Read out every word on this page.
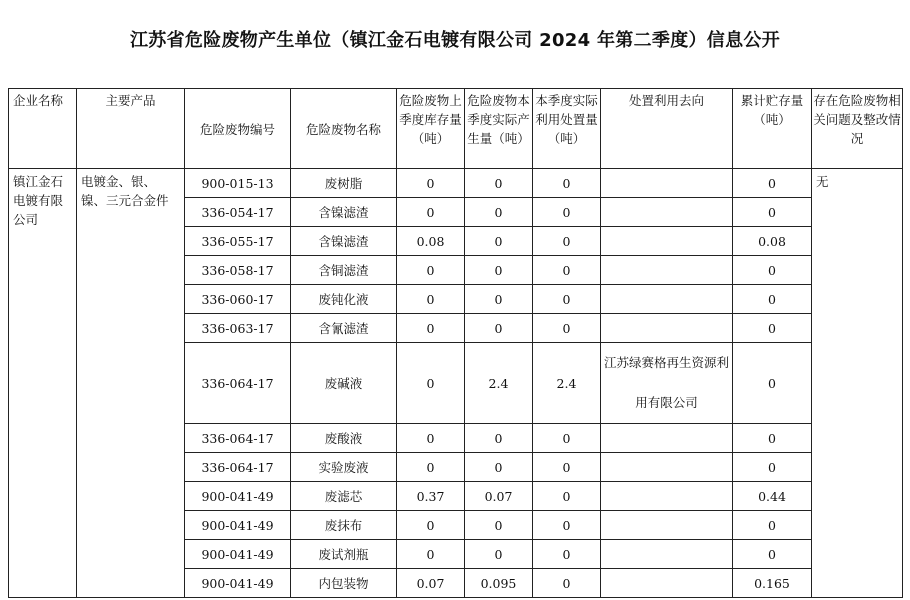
江苏省危险废物产生单位（镇江金石电镀有限公司 2024 年第二季度）信息公开
企业名称	主要产品	危险废物编号	危险废物名称	危险废物上季度库存量（吨）	危险废物本季度实际产生量（吨）	本季度实际利用处置量（吨）	处置利用去向	累计贮存量（吨）	存在危险废物相关问题及整改情况
镇江金石电镀有限公司	电镀金、银、镍、三元合金件	900-015-13	废树脂	0	0	0		0	无
		336-054-17	含镍滤渣	0	0	0		0	
		336-055-17	含镍滤渣	0.08	0	0		0.08	
		336-058-17	含铜滤渣	0	0	0		0	
		336-060-17	废钝化液	0	0	0		0	
		336-063-17	含氰滤渣	0	0	0		0	
		336-064-17	废碱液	0	2.4	2.4	江苏绿赛格再生资源利用有限公司	0	
		336-064-17	废酸液	0	0	0		0	
		336-064-17	实验废液	0	0	0		0	
		900-041-49	废滤芯	0.37	0.07	0		0.44	
		900-041-49	废抹布	0	0	0		0	
		900-041-49	废试剂瓶	0	0	0		0	
		900-041-49	内包装物	0.07	0.095	0		0.165	
